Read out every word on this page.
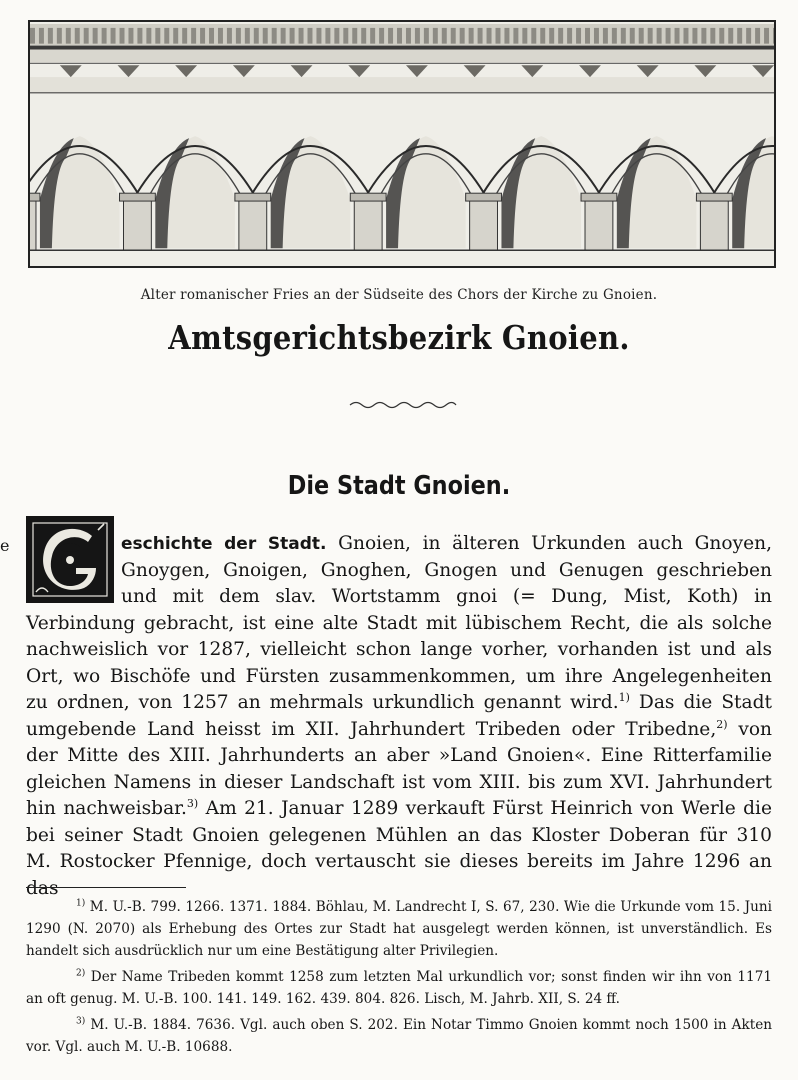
Alter romanischer Fries an der Südseite des Chors der Kirche zu Gnoien.
Amtsgerichtsbezirk Gnoien.
Die Stadt Gnoien.
e	eschichte der Stadt. Gnoien, in älteren Urkunden auch Gnoyen, Gnoygen, Gnoigen, Gnoghen, Gnogen und Genugen geschrieben und mit dem slav. Wortstamm gnoi (= Dung, Mist, Koth) in Verbindung gebracht, ist eine alte Stadt mit lübischem Recht, die als solche nachweislich vor 1287, vielleicht schon lange vorher, vorhanden ist und als Ort, wo Bischöfe und Fürsten zusammenkommen, um ihre Angelegenheiten zu ordnen, von 1257 an mehrmals urkundlich genannt wird.$^{1)}$ Das die Stadt umgebende Land heisst im XII. Jahrhundert Tribeden oder Tribedne,$^{2)}$ von der Mitte des XIII. Jahrhunderts an aber »Land Gnoien«. Eine Ritterfamilie gleichen Namens in dieser Landschaft ist vom XIII. bis zum XVI. Jahrhundert hin nachweisbar.$^{3)}$ Am 21. Januar 1289 verkauft Fürst Heinrich von Werle die bei seiner Stadt Gnoien gelegenen Mühlen an das Kloster Doberan für 310 M. Rostocker Pfennige, doch vertauscht sie dieses bereits im Jahre 1296 an das

$^{1)}$ M. U.-B. 799. 1266. 1371. 1884. Böhlau, M. Landrecht I, S. 67, 230. Wie die Urkunde vom 15. Juni 1290 (N. 2070) als Erhebung des Ortes zur Stadt hat ausgelegt werden können, ist unverständlich. Es handelt sich ausdrücklich nur um eine Bestätigung alter Privilegien.

$^{2)}$ Der Name Tribeden kommt 1258 zum letzten Mal urkundlich vor; sonst finden wir ihn von 1171 an oft genug. M. U.-B. 100. 141. 149. 162. 439. 804. 826. Lisch, M. Jahrb. XII, S. 24 ff.

$^{3)}$ M. U.-B. 1884. 7636. Vgl. auch oben S. 202. Ein Notar Timmo Gnoien kommt noch 1500 in Akten vor. Vgl. auch M. U.-B. 10688.
